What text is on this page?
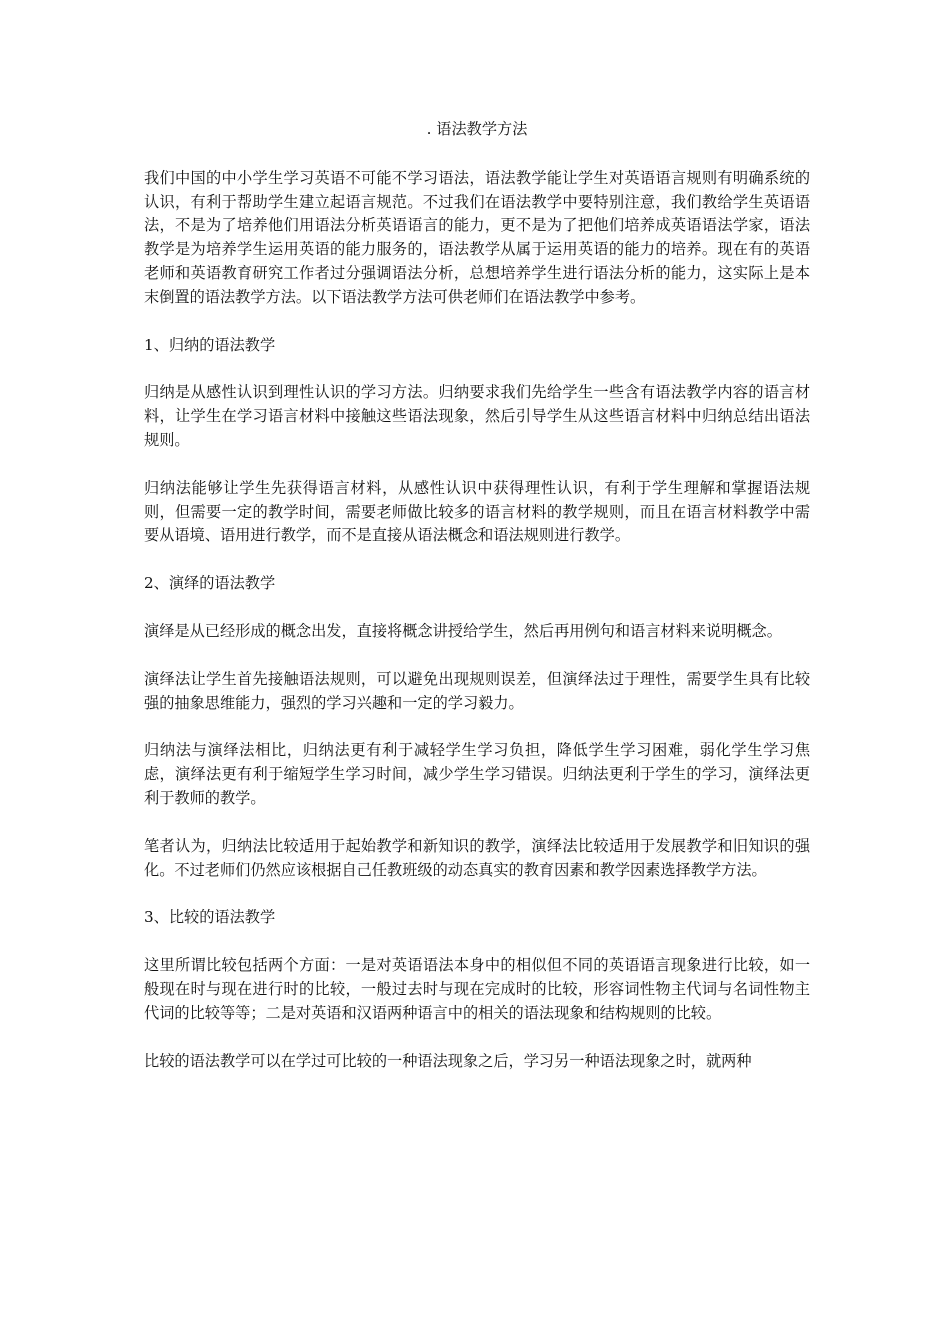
. 语法教学方法
我们中国的中小学生学习英语不可能不学习语法，语法教学能让学生对英语语言规则有明确系统的认识，有利于帮助学生建立起语言规范。不过我们在语法教学中要特别注意，我们教给学生英语语法，不是为了培养他们用语法分析英语语言的能力，更不是为了把他们培养成英语语法学家，语法教学是为培养学生运用英语的能力服务的，语法教学从属于运用英语的能力的培养。现在有的英语老师和英语教育研究工作者过分强调语法分析，总想培养学生进行语法分析的能力，这实际上是本末倒置的语法教学方法。以下语法教学方法可供老师们在语法教学中参考。
1、归纳的语法教学
归纳是从感性认识到理性认识的学习方法。归纳要求我们先给学生一些含有语法教学内容的语言材料，让学生在学习语言材料中接触这些语法现象，然后引导学生从这些语言材料中归纳总结出语法规则。
归纳法能够让学生先获得语言材料，从感性认识中获得理性认识，有利于学生理解和掌握语法规则，但需要一定的教学时间，需要老师做比较多的语言材料的教学规则，而且在语言材料教学中需要从语境、语用进行教学，而不是直接从语法概念和语法规则进行教学。
2、演绎的语法教学
演绎是从已经形成的概念出发，直接将概念讲授给学生，然后再用例句和语言材料来说明概念。
演绎法让学生首先接触语法规则，可以避免出现规则误差，但演绎法过于理性，需要学生具有比较强的抽象思维能力，强烈的学习兴趣和一定的学习毅力。
归纳法与演绎法相比，归纳法更有利于减轻学生学习负担，降低学生学习困难，弱化学生学习焦虑，演绎法更有利于缩短学生学习时间，减少学生学习错误。归纳法更利于学生的学习，演绎法更利于教师的教学。
笔者认为，归纳法比较适用于起始教学和新知识的教学，演绎法比较适用于发展教学和旧知识的强化。不过老师们仍然应该根据自己任教班级的动态真实的教育因素和教学因素选择教学方法。
3、比较的语法教学
这里所谓比较包括两个方面：一是对英语语法本身中的相似但不同的英语语言现象进行比较，如一般现在时与现在进行时的比较，一般过去时与现在完成时的比较，形容词性物主代词与名词性物主代词的比较等等；二是对英语和汉语两种语言中的相关的语法现象和结构规则的比较。
比较的语法教学可以在学过可比较的一种语法现象之后，学习另一种语法现象之时，就两种
